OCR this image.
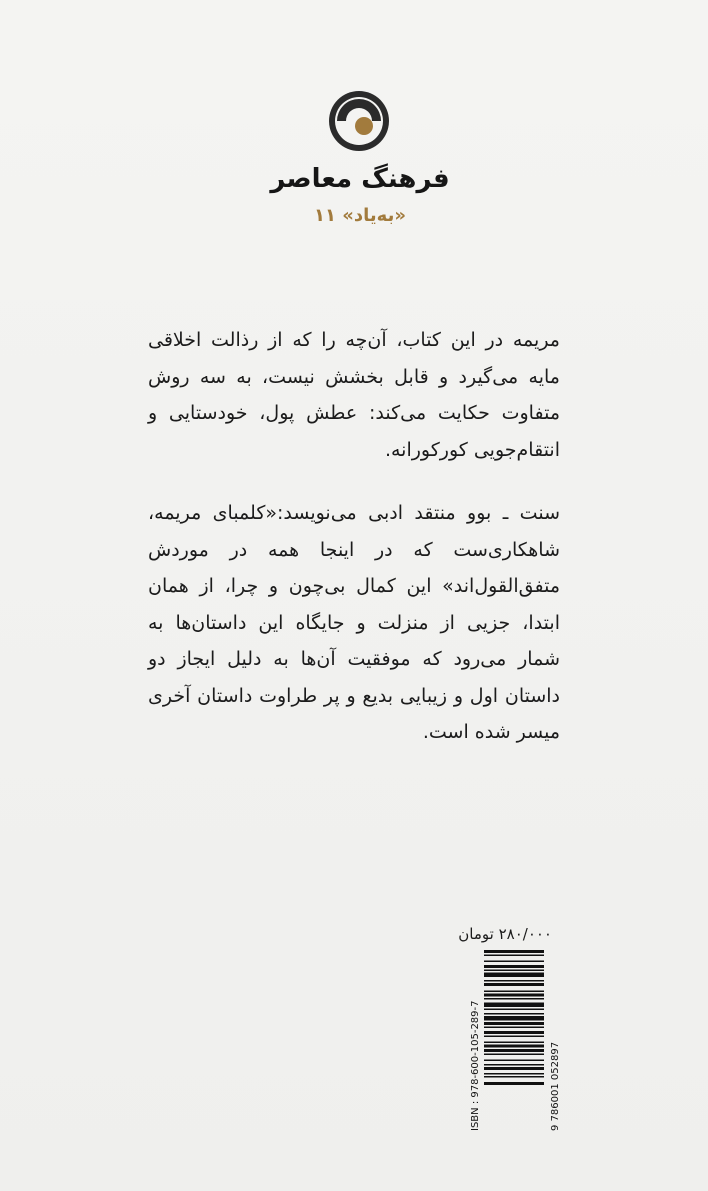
فرهنگ معاصر
«به‌یاد» ۱۱
مریمه در این کتاب، آن‌چه را که از رذالت اخلاقی مایه می‌گیرد و قابل بخشش نیست، به سه روش متفاوت حکایت می‌کند: عطش پول، خودستایی و انتقام‌جویی کورکورانه.
سنت ـ بوو منتقد ادبی می‌نویسد:«کلمبای مریمه، شاهکاری‌ست که در اینجا همه در موردش متفق‌القول‌اند» این کمال بی‌چون و چرا، از همان ابتدا، جزیی از منزلت و جایگاه این داستان‌ها به شمار می‌رود که موفقیت آن‌ها به دلیل ایجاز دو داستان اول و زیبایی بدیع و پر طراوت داستان آخری میسر شده است.
۲۸۰/۰۰۰ تومان
ISBN : 978-600-105-289-7	9 786001 052897
